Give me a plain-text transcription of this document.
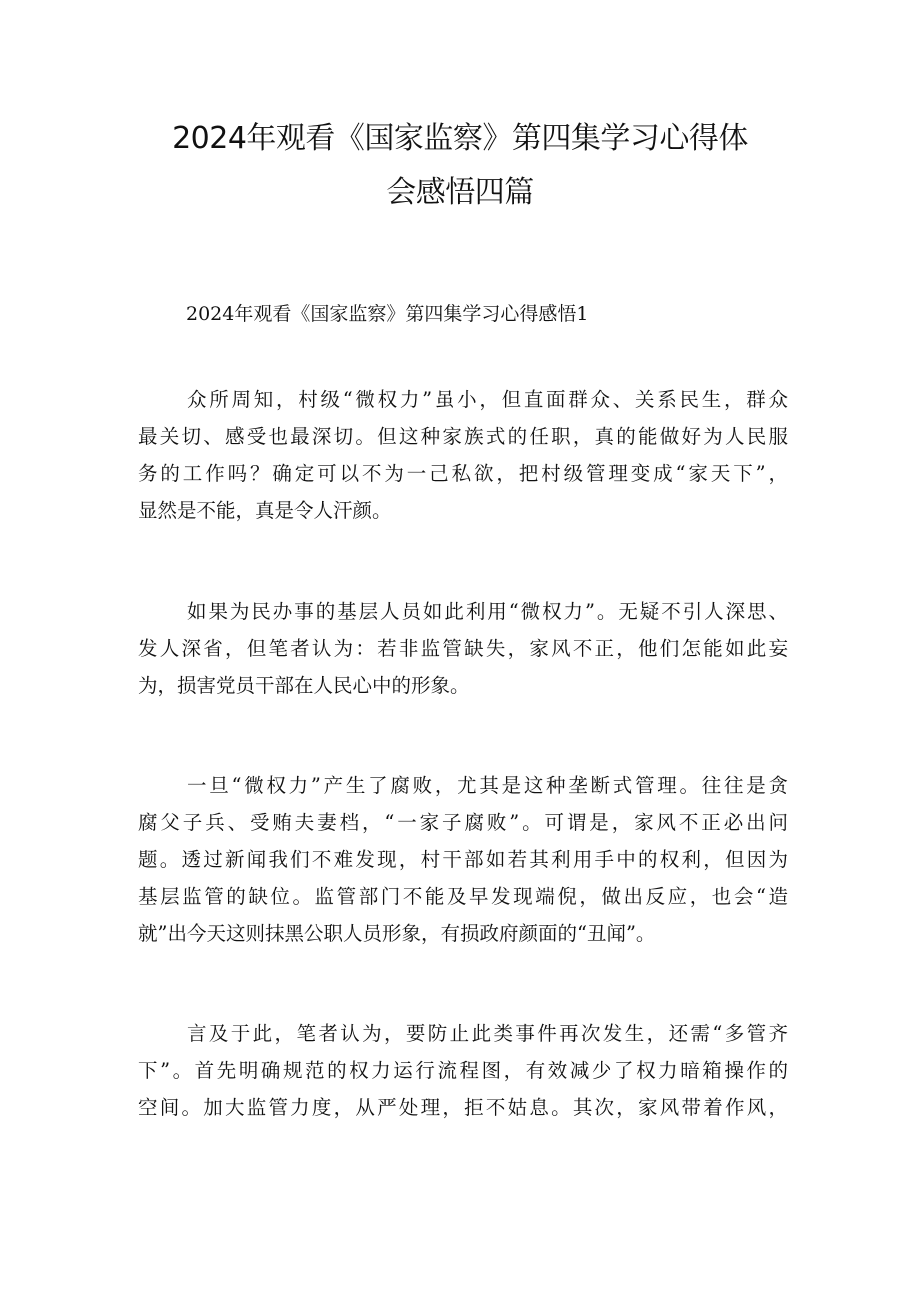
2024年观看《国家监察》第四集学习心得体
会感悟四篇

2024年观看《国家监察》第四集学习心得感悟1

众所周知，村级“微权力”虽小，但直面群众、关系民生，群众
最关切、感受也最深切。但这种家族式的任职，真的能做好为人民服
务的工作吗？确定可以不为一己私欲，把村级管理变成“家天下”，
显然是不能，真是令人汗颜。

如果为民办事的基层人员如此利用“微权力”。无疑不引人深思、
发人深省，但笔者认为：若非监管缺失，家风不正，他们怎能如此妄
为，损害党员干部在人民心中的形象。

一旦“微权力”产生了腐败，尤其是这种垄断式管理。往往是贪
腐父子兵、受贿夫妻档，“一家子腐败”。可谓是，家风不正必出问
题。透过新闻我们不难发现，村干部如若其利用手中的权利，但因为
基层监管的缺位。监管部门不能及早发现端倪，做出反应，也会“造
就”出今天这则抹黑公职人员形象，有损政府颜面的“丑闻”。

言及于此，笔者认为，要防止此类事件再次发生，还需“多管齐
下”。首先明确规范的权力运行流程图，有效减少了权力暗箱操作的
空间。加大监管力度，从严处理，拒不姑息。其次，家风带着作风，
